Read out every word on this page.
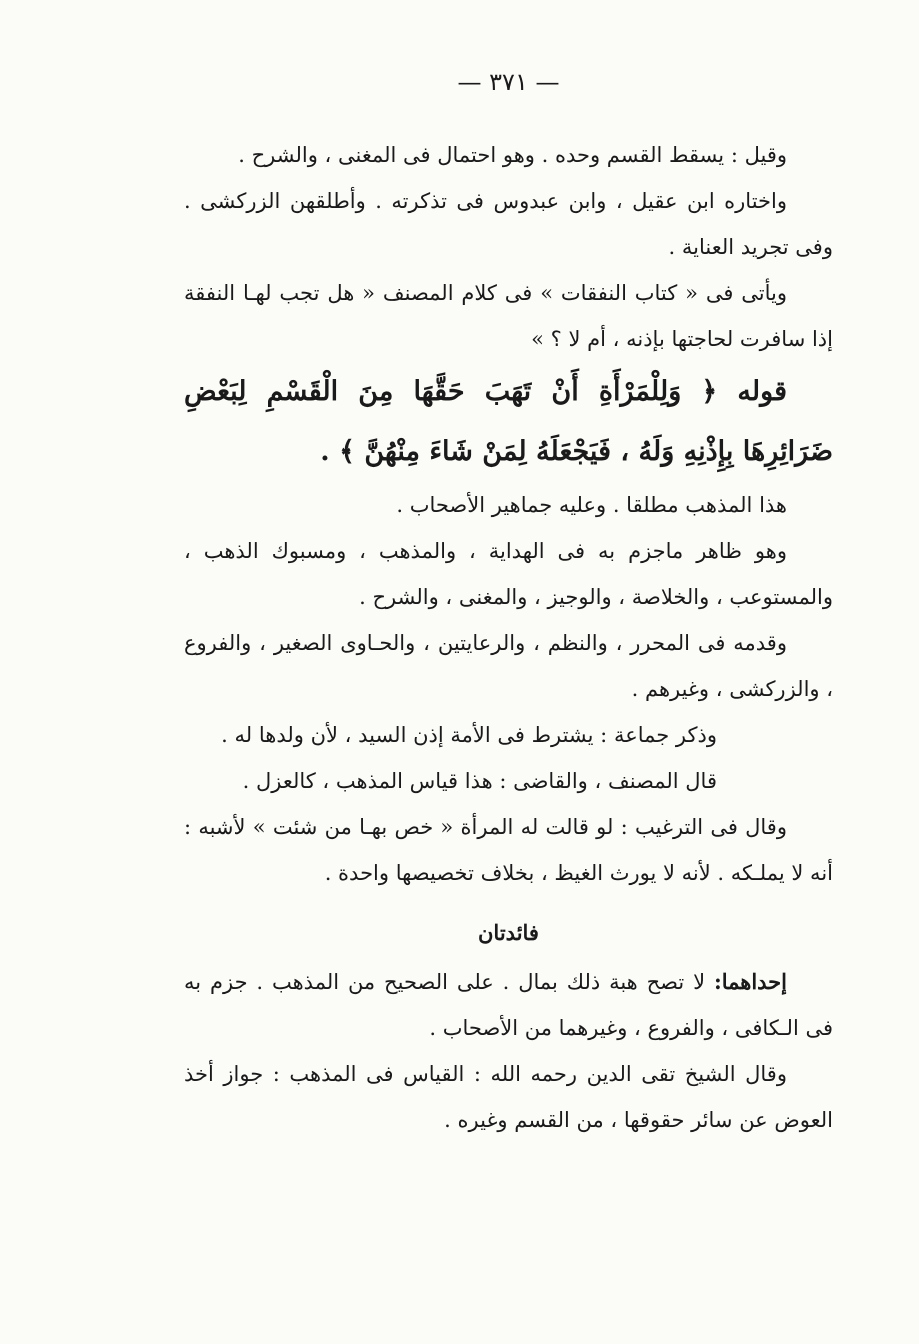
— ٣٧١ —

وقيل : يسقط القسم وحده . وهو احتمال فى المغنى ، والشرح .

واختاره ابن عقيل ، وابن عبدوس فى تذكرته . وأطلقهن الزركشى . وفى تجريد العناية .

ويأتى فى « كتاب النفقات » فى كلام المصنف « هل تجب لهـا النفقة إذا سافرت لحاجتها بإذنه ، أم لا ؟ »

قوله ﴿ وَلِلْمَرْأَةِ أَنْ تَهَبَ حَقَّهَا مِنَ الْقَسْمِ لِبَعْضِ ضَرَائِرِهَا بِإِذْنِهِ وَلَهُ ، فَيَجْعَلَهُ لِمَنْ شَاءَ مِنْهُنَّ ﴾ .

هذا المذهب مطلقا . وعليه جماهير الأصحاب .

وهو ظاهر ماجزم به فى الهداية ، والمذهب ، ومسبوك الذهب ، والمستوعب ، والخلاصة ، والوجيز ، والمغنى ، والشرح .

وقدمه فى المحرر ، والنظم ، والرعايتين ، والحـاوى الصغير ، والفروع ، والزركشى ، وغيرهم .

وذكر جماعة : يشترط فى الأمة إذن السيد ، لأن ولدها له .

قال المصنف ، والقاضى : هذا قياس المذهب ، كالعزل .

وقال فى الترغيب : لو قالت له المرأة « خص بهـا من شئت » لأشبه : أنه لا يملـكه . لأنه لا يورث الغيظ ، بخلاف تخصيصها واحدة .

فائدتان

إحداهما: لا تصح هبة ذلك بمال . على الصحيح من المذهب . جزم به فى الـكافى ، والفروع ، وغيرهما من الأصحاب .

وقال الشيخ تقى الدين رحمه الله : القياس فى المذهب : جواز أخذ العوض عن سائر حقوقها ، من القسم وغيره .
